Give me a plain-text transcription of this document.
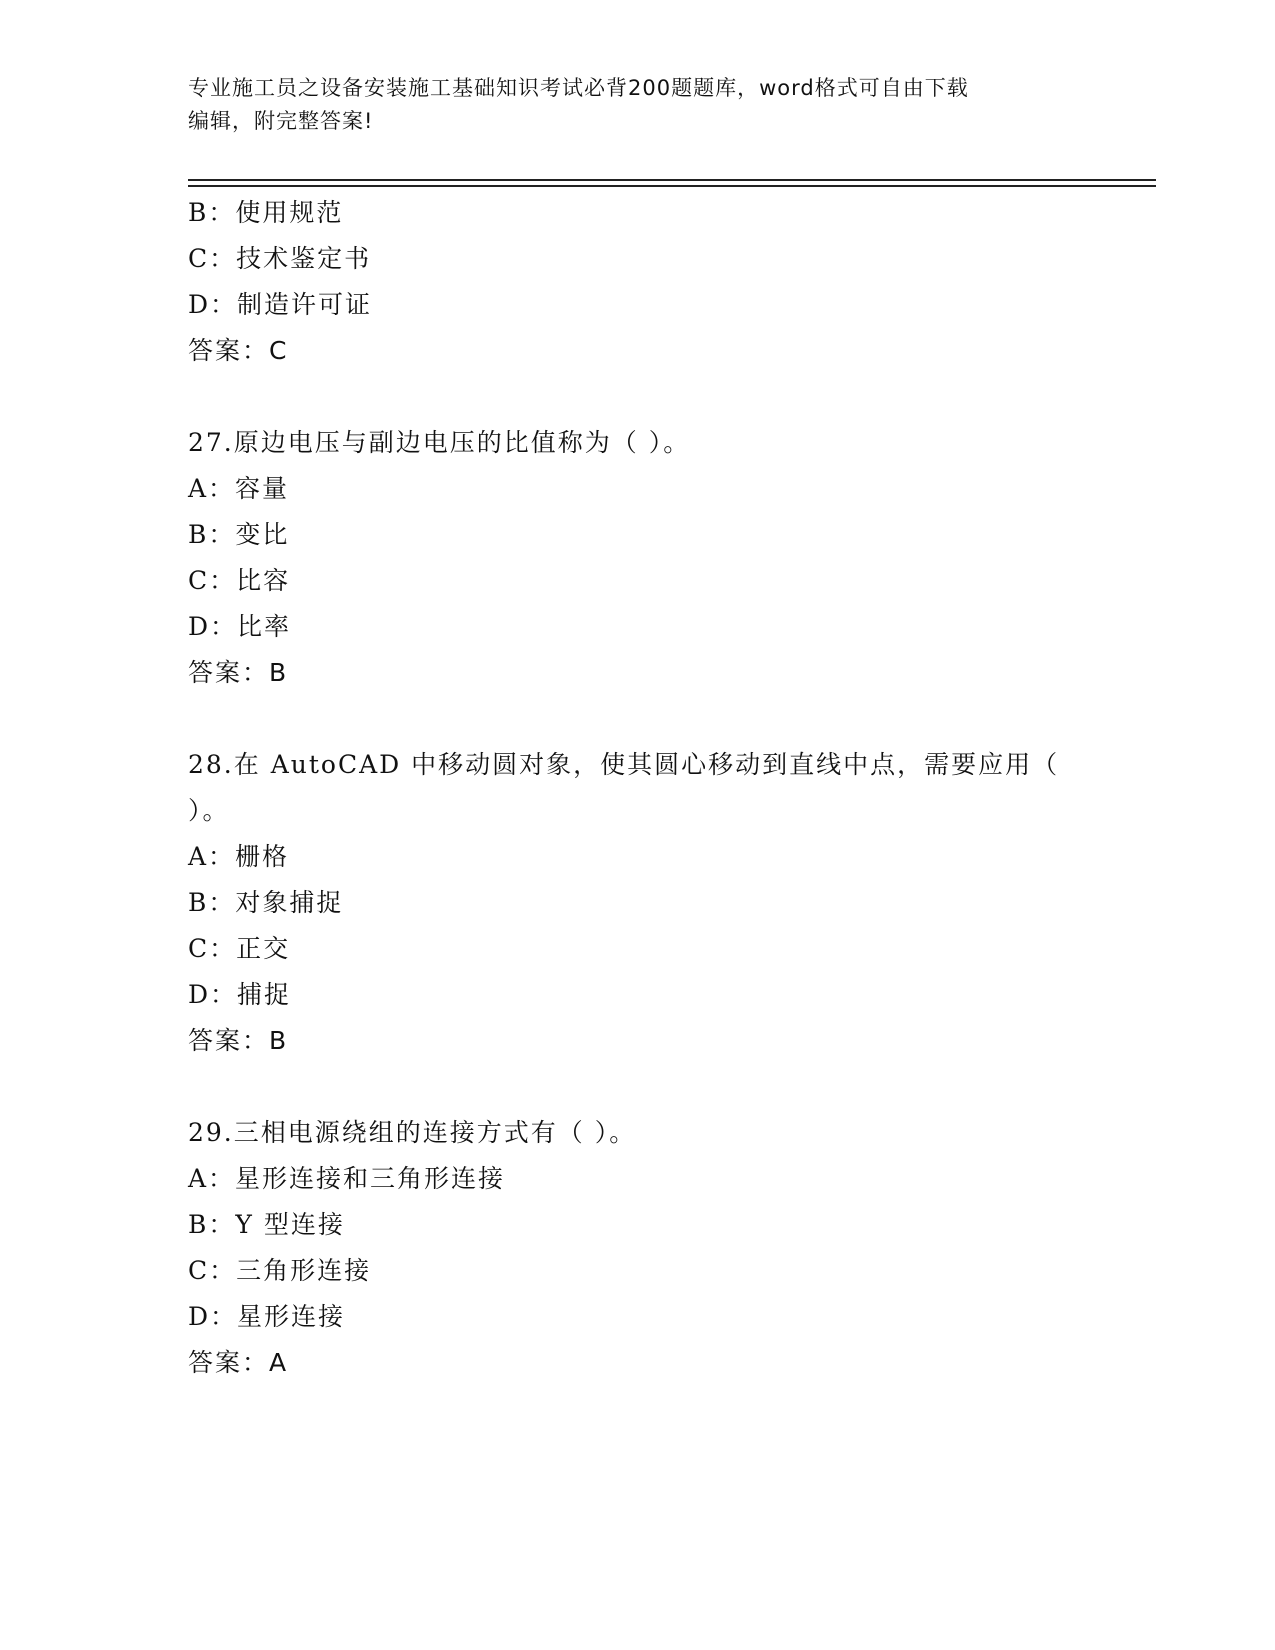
专业施工员之设备安装施工基础知识考试必背200题题库，word格式可自由下载
编辑，附完整答案!
B：使用规范
C：技术鉴定书
D：制造许可证
答案：C
27.原边电压与副边电压的比值称为（ ）。
A：容量
B：变比
C：比容
D：比率
答案：B
28.在 AutoCAD 中移动圆对象，使其圆心移动到直线中点，需要应用（
）。
A：栅格
B：对象捕捉
C：正交
D：捕捉
答案：B
29.三相电源绕组的连接方式有（ ）。
A：星形连接和三角形连接
B：Y 型连接
C：三角形连接
D：星形连接
答案：A
